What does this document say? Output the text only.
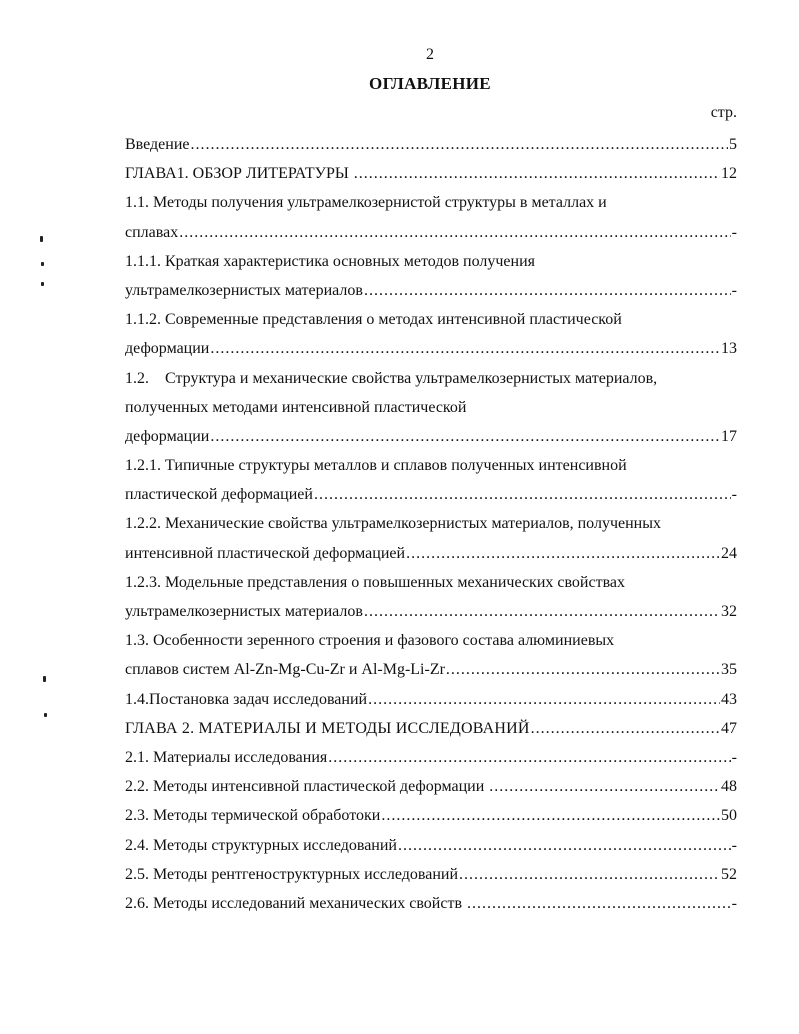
2
ОГЛАВЛЕНИЕ
стр.
Введение .....	5
ГЛАВА1. ОБЗОР ЛИТЕРАТУРЫ .....	12
1.1. Методы получения ультрамелкозернистой структуры в металлах и
сплавах .....	-
1.1.1. Краткая характеристика основных методов получения
ультрамелкозернистых материалов .....	-
1.1.2. Современные представления о методах интенсивной пластической
деформации .....	13
1.2.    Структура и механические свойства ультрамелкозернистых материалов,
полученных методами интенсивной пластической
деформации .....	17
1.2.1. Типичные структуры металлов и сплавов полученных интенсивной
пластической деформацией .....	-
1.2.2. Механические свойства ультрамелкозернистых материалов, полученных
интенсивной пластической деформацией .....	24
1.2.3. Модельные представления о повышенных механических свойствах
ультрамелкозернистых материалов .....	32
1.3. Особенности зеренного строения и фазового состава алюминиевых
сплавов систем Al-Zn-Mg-Cu-Zr и Al-Mg-Li-Zr .....	35
1.4.Постановка задач исследований .....	43
ГЛАВА 2. МАТЕРИАЛЫ И МЕТОДЫ ИССЛЕДОВАНИЙ .....	47
2.1. Материалы исследования .....	-
2.2. Методы интенсивной пластической деформации .....	48
2.3. Методы термической обработоки .....	50
2.4. Методы структурных исследований .....	-
2.5. Методы рентгеноструктурных исследований .....	52
2.6. Методы исследований механических свойств .....	-
